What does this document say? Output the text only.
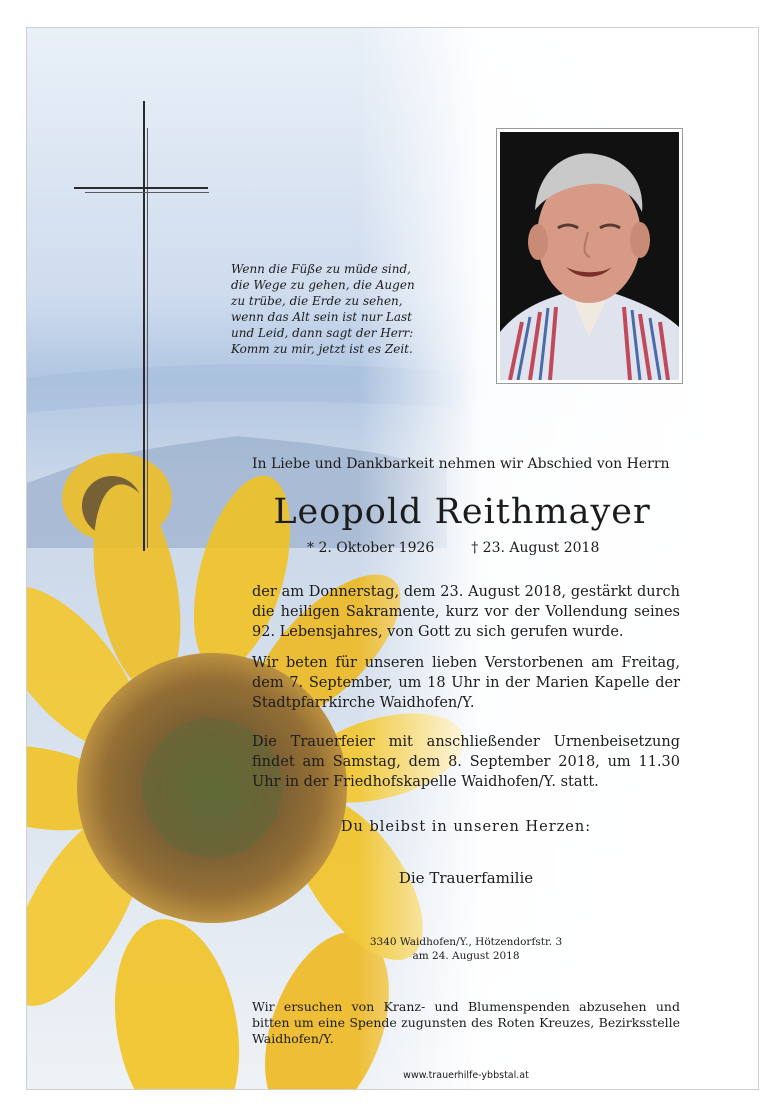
Wenn die Füße zu müde sind,
die Wege zu gehen, die Augen
zu trübe, die Erde zu sehen,
wenn das Alt sein ist nur Last
und Leid, dann sagt der Herr:
Komm zu mir, jetzt ist es Zeit.
In Liebe und Dankbarkeit nehmen wir Abschied von Herrn
Leopold Reithmayer
* 2. Oktober 1926	† 23. August 2018
der am Donnerstag, dem 23. August 2018, gestärkt durch die heiligen Sakramente, kurz vor der Vollendung seines 92. Lebensjahres, von Gott zu sich gerufen wurde.
Wir beten für unseren lieben Verstorbenen am Freitag, dem 7. September, um 18 Uhr in der Marien Kapelle der Stadtpfarrkirche Waidhofen/Y.
Die Trauerfeier mit anschließender Urnenbeisetzung findet am Samstag, dem 8. September 2018, um 11.30 Uhr in der Friedhofskapelle Waidhofen/Y. statt.
Du bleibst in unseren Herzen:
Die Trauerfamilie
3340 Waidhofen/Y., Hötzendorfstr. 3
am 24. August 2018
Wir ersuchen von Kranz- und Blumenspenden abzusehen und bitten um eine Spende zugunsten des Roten Kreuzes, Bezirksstelle Waidhofen/Y.
www.trauerhilfe-ybbstal.at
